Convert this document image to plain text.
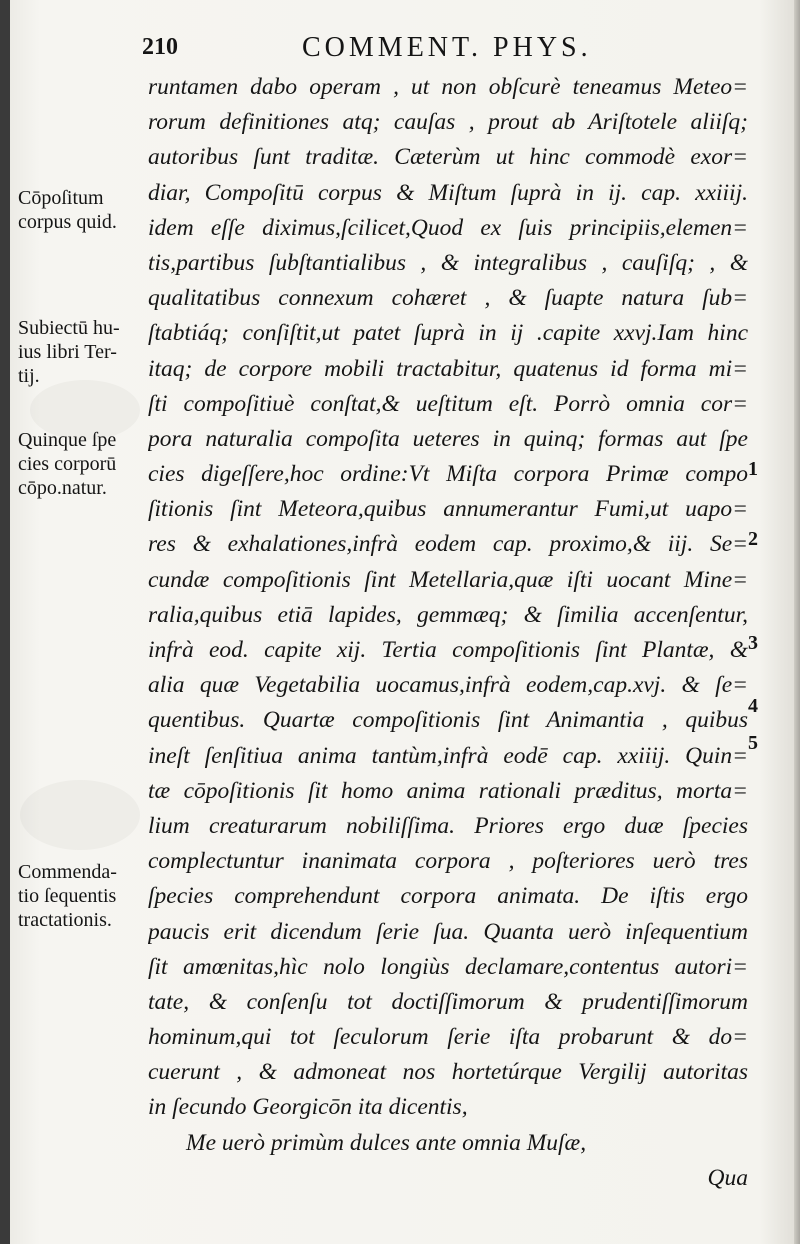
210	COMMENT. PHYS.
runtamen dabo operam , ut non obſcurè teneamus Meteo=
rorum definitiones atq; cauſas , prout ab Ariſtotele aliiſq;
autoribus ſunt traditæ. Cæterùm ut hinc commodè exor=
diar, Compoſitū corpus & Miſtum ſuprà in ij. cap. xxiiij.
idem eſſe diximus,ſcilicet,Quod ex ſuis principiis,elemen=
tis,partibus ſubſtantialibus , & integralibus , cauſiſq; , &
qualitatibus connexum cohæret , & ſuapte natura ſub=
ſtabtiáq; conſiſtit,ut patet ſuprà in ij .capite xxvj.Iam hinc
itaq; de corpore mobili tractabitur, quatenus id forma mi=
ſti compoſitiuè conſtat,& ueſtitum eſt. Porrò omnia cor=
pora naturalia compoſita ueteres in quinq; formas aut ſpe
cies digeſſere,hoc ordine:Vt Miſta corpora Primæ compo
ſitionis ſint Meteora,quibus annumerantur Fumi,ut uapo=
res & exhalationes,infrà eodem cap. proximo,& iij. Se=
cundæ compoſitionis ſint Metellaria,quæ iſti uocant Mine=
ralia,quibus etiā lapides, gemmæq; & ſimilia accenſentur,
infrà eod. capite xij. Tertia compoſitionis ſint Plantæ, &
alia quæ Vegetabilia uocamus,infrà eodem,cap.xvj. & ſe=
quentibus. Quartæ compoſitionis ſint Animantia , quibus
ineſt ſenſitiua anima tantùm,infrà eodē cap. xxiiij. Quin=
tæ cōpoſitionis ſit homo anima rationali præditus, morta=
lium creaturarum nobiliſſima. Priores ergo duæ ſpecies
complectuntur inanimata corpora , poſteriores uerò tres
ſpecies comprehendunt corpora animata. De iſtis ergo
paucis erit dicendum ſerie ſua. Quanta uerò inſequentium
ſit amœnitas,hìc nolo longiùs declamare,contentus autori=
tate, & conſenſu tot doctiſſimorum & prudentiſſimorum
hominum,qui tot ſeculorum ſerie iſta probarunt & do=
cuerunt , & admoneat nos hortetúrque Vergilij autoritas
in ſecundo Georgicōn ita dicentis,
Me uerò primùm dulces ante omnia Muſæ,
Qua
Cōpoſitum
corpus quid.
Subiectū hu-
ius libri Ter-
tij.
Quinque ſpe
cies corporū
cōpo.natur.
Commenda-
tio ſequentis
tractationis.
1
2
3
4
5
